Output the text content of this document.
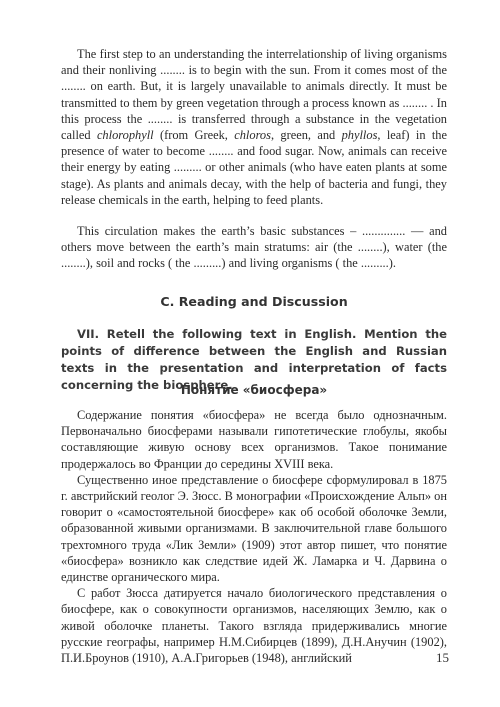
The first step to an understanding the interrelationship of living organisms and their nonliving ........ is to begin with the sun. From it comes most of the ........ on earth. But, it is largely unavailable to animals directly. It must be transmitted to them by green vegetation through a process known as ........ . In this process the ........ is transferred through a substance in the vegetation called chlorophyll (from Greek, chloros, green, and phyllos, leaf) in the presence of water to become ........ and food sugar. Now, animals can receive their energy by eating ......... or other animals (who have eaten plants at some stage). As plants and animals decay, with the help of bacteria and fungi, they release chemicals in the earth, helping to feed plants.

This circulation makes the earth’s basic substances – .............. — and others move between the earth’s main stratums: air (the ........), water (the ........), soil and rocks ( the .........) and living organisms ( the .........).

C. Reading and Discussion
VII. Retell the following text in English. Mention the points of difference between the English and Russian texts in the presentation and interpretation of facts concerning the biosphere.
Понятие «биосфера»

Содержание понятия «биосфера» не всегда было однозначным. Первоначально биосферами называли гипотетические глобулы, якобы составляющие живую основу всех организмов. Такое понимание продержалось во Франции до середины XVIII века.

Существенно иное представление о биосфере сформулировал в 1875 г. австрийский геолог Э. Зюсс. В монографии «Происхождение Альп» он говорит о «самостоятельной биосфере» как об особой оболочке Земли, образованной живыми организмами. В заключительной главе большого трехтомного труда «Лик Земли» (1909) этот автор пишет, что понятие «биосфера» возникло как следствие идей Ж. Ламарка и Ч. Дарвина о единстве органического мира.

С работ Зюсса датируется начало биологического представления о биосфере, как о совокупности организмов, населяющих Землю, как о живой оболочке планеты. Такого взгляда придерживались многие русские географы, например Н.М.Сибирцев (1899), Д.Н.Анучин (1902), П.И.Броунов (1910), А.А.Григорьев (1948), английский	15
